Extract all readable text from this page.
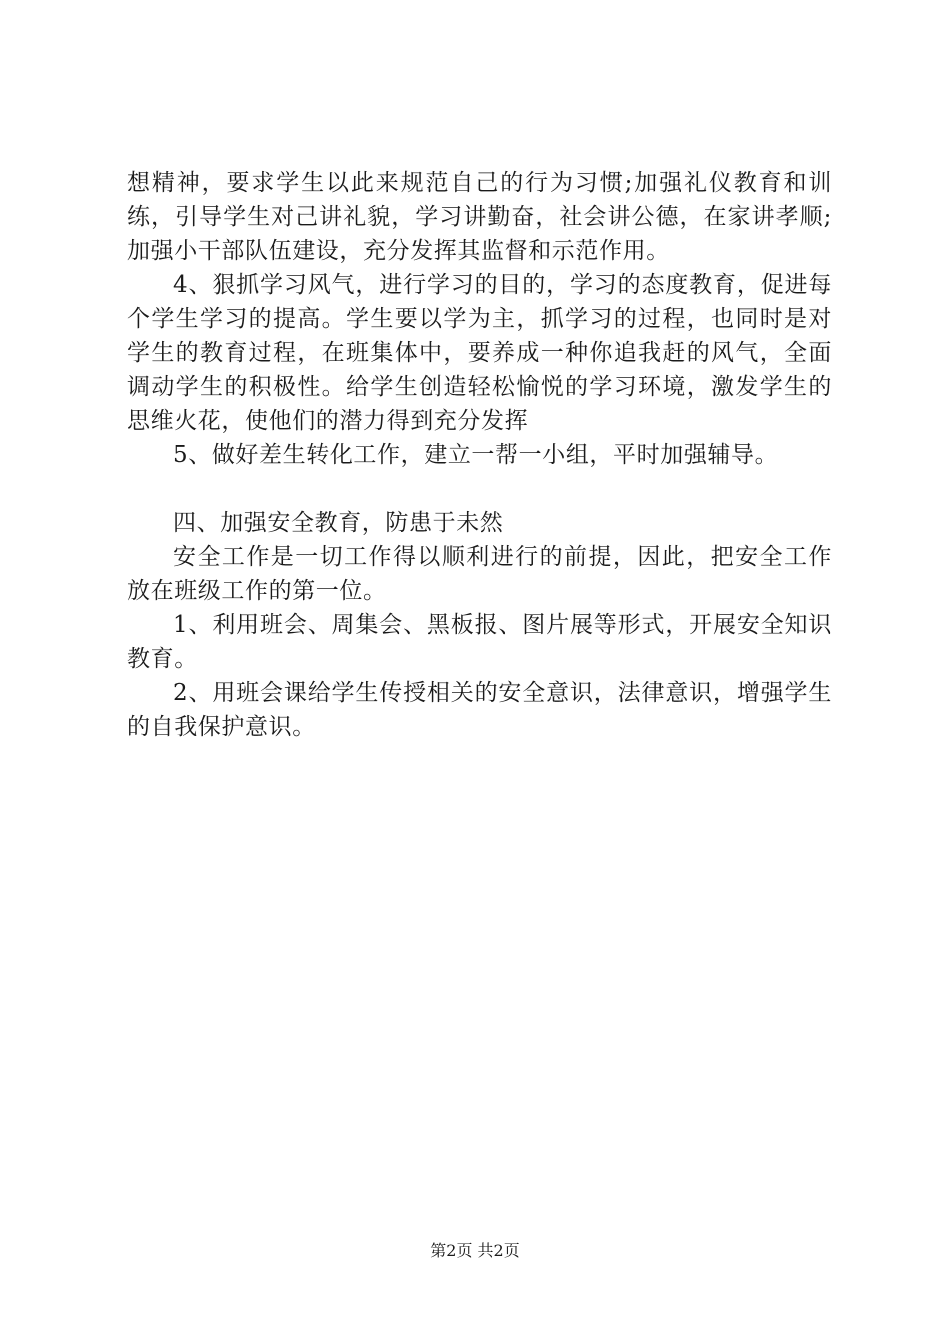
想精神，要求学生以此来规范自己的行为习惯;加强礼仪教育和训练，引导学生对己讲礼貌，学习讲勤奋，社会讲公德，在家讲孝顺;加强小干部队伍建设，充分发挥其监督和示范作用。

4、狠抓学习风气，进行学习的目的，学习的态度教育，促进每个学生学习的提高。学生要以学为主，抓学习的过程，也同时是对学生的教育过程，在班集体中，要养成一种你追我赶的风气，全面调动学生的积极性。给学生创造轻松愉悦的学习环境，激发学生的思维火花，使他们的潜力得到充分发挥

5、做好差生转化工作，建立一帮一小组，平时加强辅导。

四、加强安全教育，防患于未然

安全工作是一切工作得以顺利进行的前提，因此，把安全工作放在班级工作的第一位。

1、利用班会、周集会、黑板报、图片展等形式，开展安全知识教育。

2、用班会课给学生传授相关的安全意识，法律意识，增强学生的自我保护意识。

第2页 共2页
